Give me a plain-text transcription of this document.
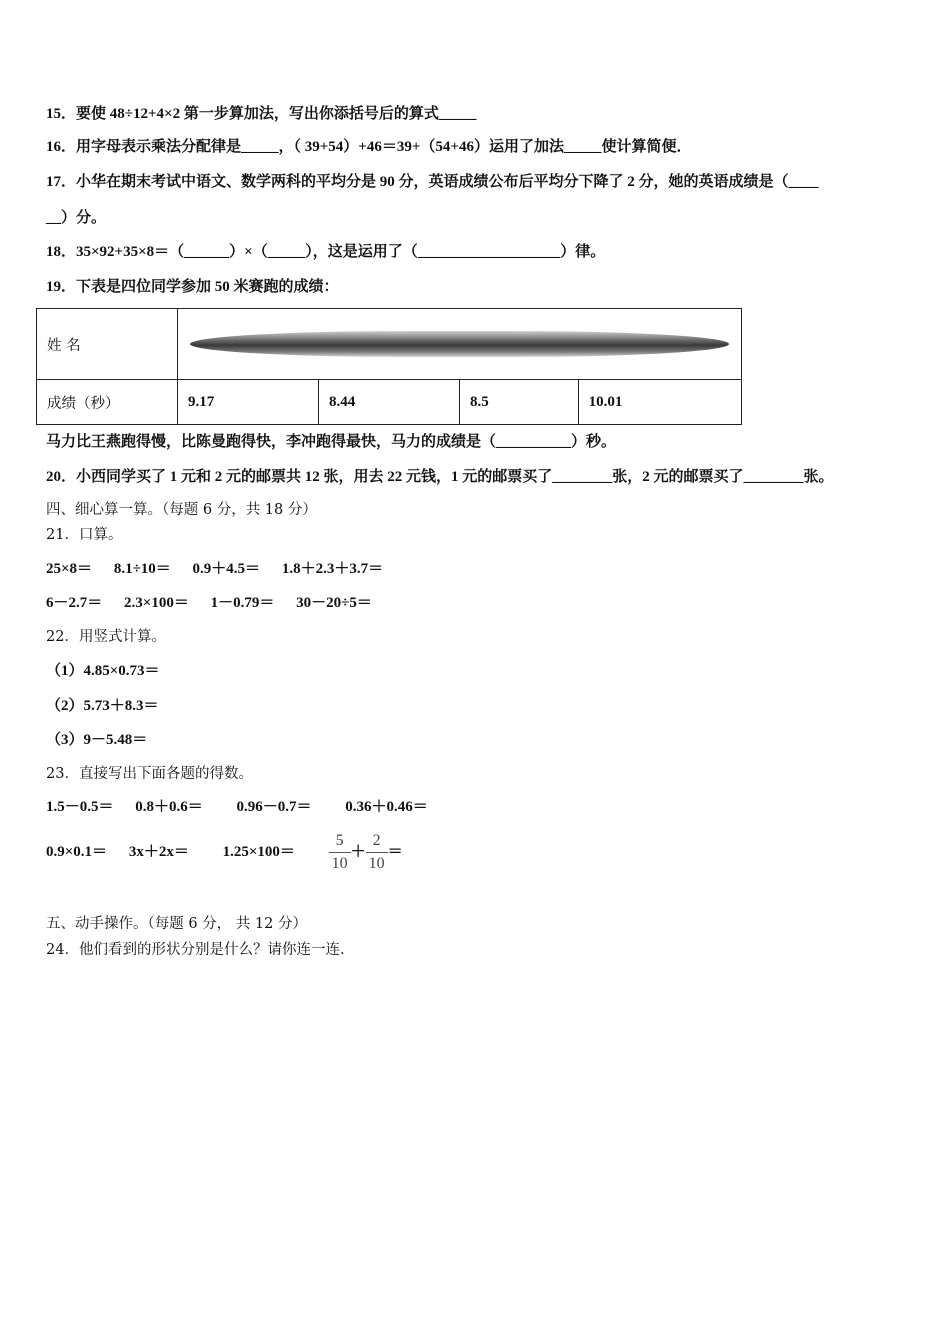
15．要使 48÷12+4×2 第一步算加法，写出你添括号后的算式_____
16．用字母表示乘法分配律是_____，（ 39+54）+46＝39+（54+46）运用了加法_____使计算简便．
17．小华在期末考试中语文、数学两科的平均分是 90 分，英语成绩公布后平均分下降了 2 分，她的英语成绩是（____
__）分。
18．35×92+35×8＝（______）×（_____），这是运用了（___________________）律。
19．下表是四位同学参加 50 米赛跑的成绩：
姓 名				

成绩（秒）	9.17	8.44	8.5	10.01
马力比王燕跑得慢，比陈曼跑得快，李冲跑得最快，马力的成绩是（__________）秒。
20．小西同学买了 1 元和 2 元的邮票共 12 张，用去 22 元钱，1 元的邮票买了________张，2 元的邮票买了________张。
四、细心算一算。（每题 6 分，共 18 分）
21．口算。
25×8＝ 8.1÷10＝ 0.9＋4.5＝ 1.8＋2.3＋3.7＝
6－2.7＝ 2.3×100＝ 1－0.79＝ 30－20÷5＝
22．用竖式计算。
（1）4.85×0.73＝
（2）5.73＋8.3＝
（3）9－5.48＝
23．直接写出下面各题的得数。
1.5－0.5＝ 0.8＋0.6＝ 0.96－0.7＝ 0.36＋0.46＝
$0.9\times 0.1= 3x+2x= 1.25\times 100= \frac{5}{10} + \frac{2}{10}$ ＝
五、动手操作。（每题 6 分， 共 12 分）
24．他们看到的形状分别是什么？请你连一连.
